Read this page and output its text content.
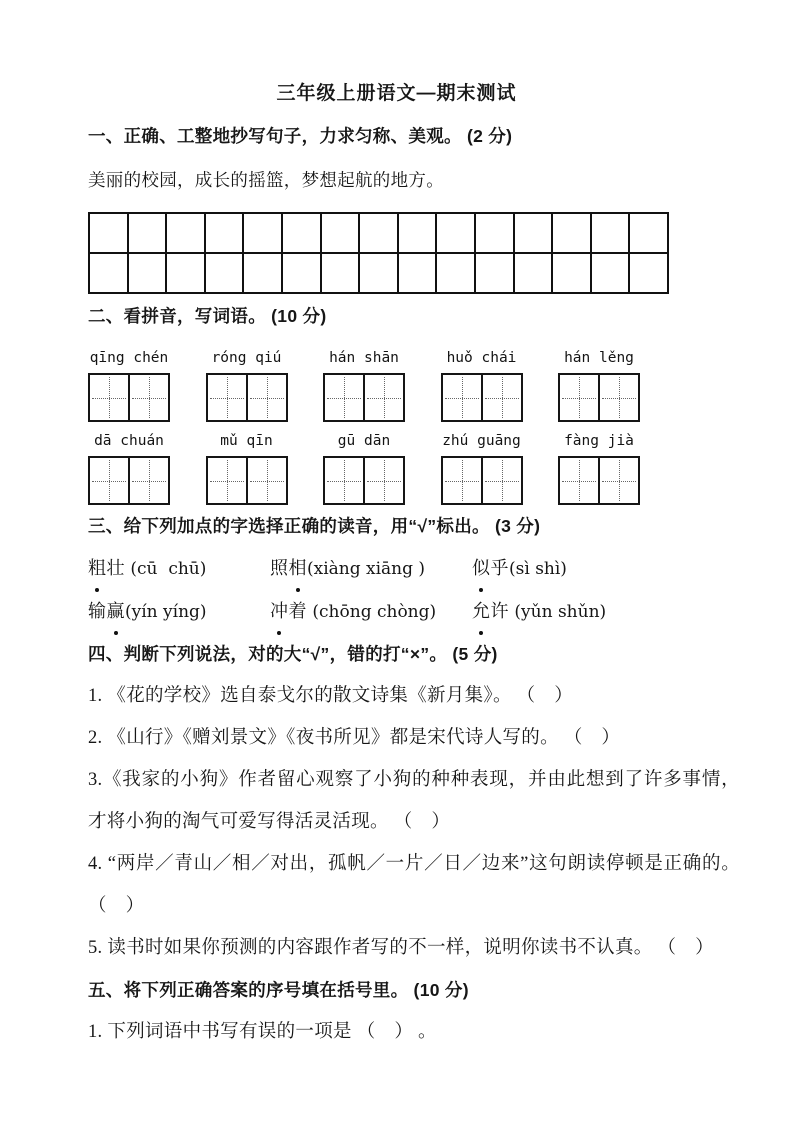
三年级上册语文—期末测试

一、正确、工整地抄写句子，力求匀称、美观。 (2 分)

美丽的校园，成长的摇篮，梦想起航的地方。

二、看拼音，写词语。 (10 分)

qīng chén	róng qiú	hán shān	huǒ chái	hán lěng
dā chuán	mǔ qīn	gū dān	zhú guāng	fàng jià

三、给下列加点的字选择正确的读音，用“√”标出。 (3 分)

粗壮 (cū  chū)	照相 (xiàng xiāng )	似乎 (sì shì)
输赢 (yín yíng)	冲着 (chōng chòng) 允许 (yǔn shǔn)

四、判断下列说法，对的大“√”，错的打“×”。 (5 分)

1. 《花的学校》选自泰戈尔的散文诗集《新月集》。 （　）

2. 《山行》《赠刘景文》《夜书所见》都是宋代诗人写的。 （　）

3.《我家的小狗》作者留心观察了小狗的种种表现，并由此想到了许多事情，才将小狗的淘气可爱写得活灵活现。 （　）

4. “两岸／青山／相／对出，孤帆／一片／日／边来”这句朗读停顿是正确的。 （　）

5. 读书时如果你预测的内容跟作者写的不一样，说明你读书不认真。 （　）

五、将下列正确答案的序号填在括号里。 (10 分)

1. 下列词语中书写有误的一项是 （　） 。
